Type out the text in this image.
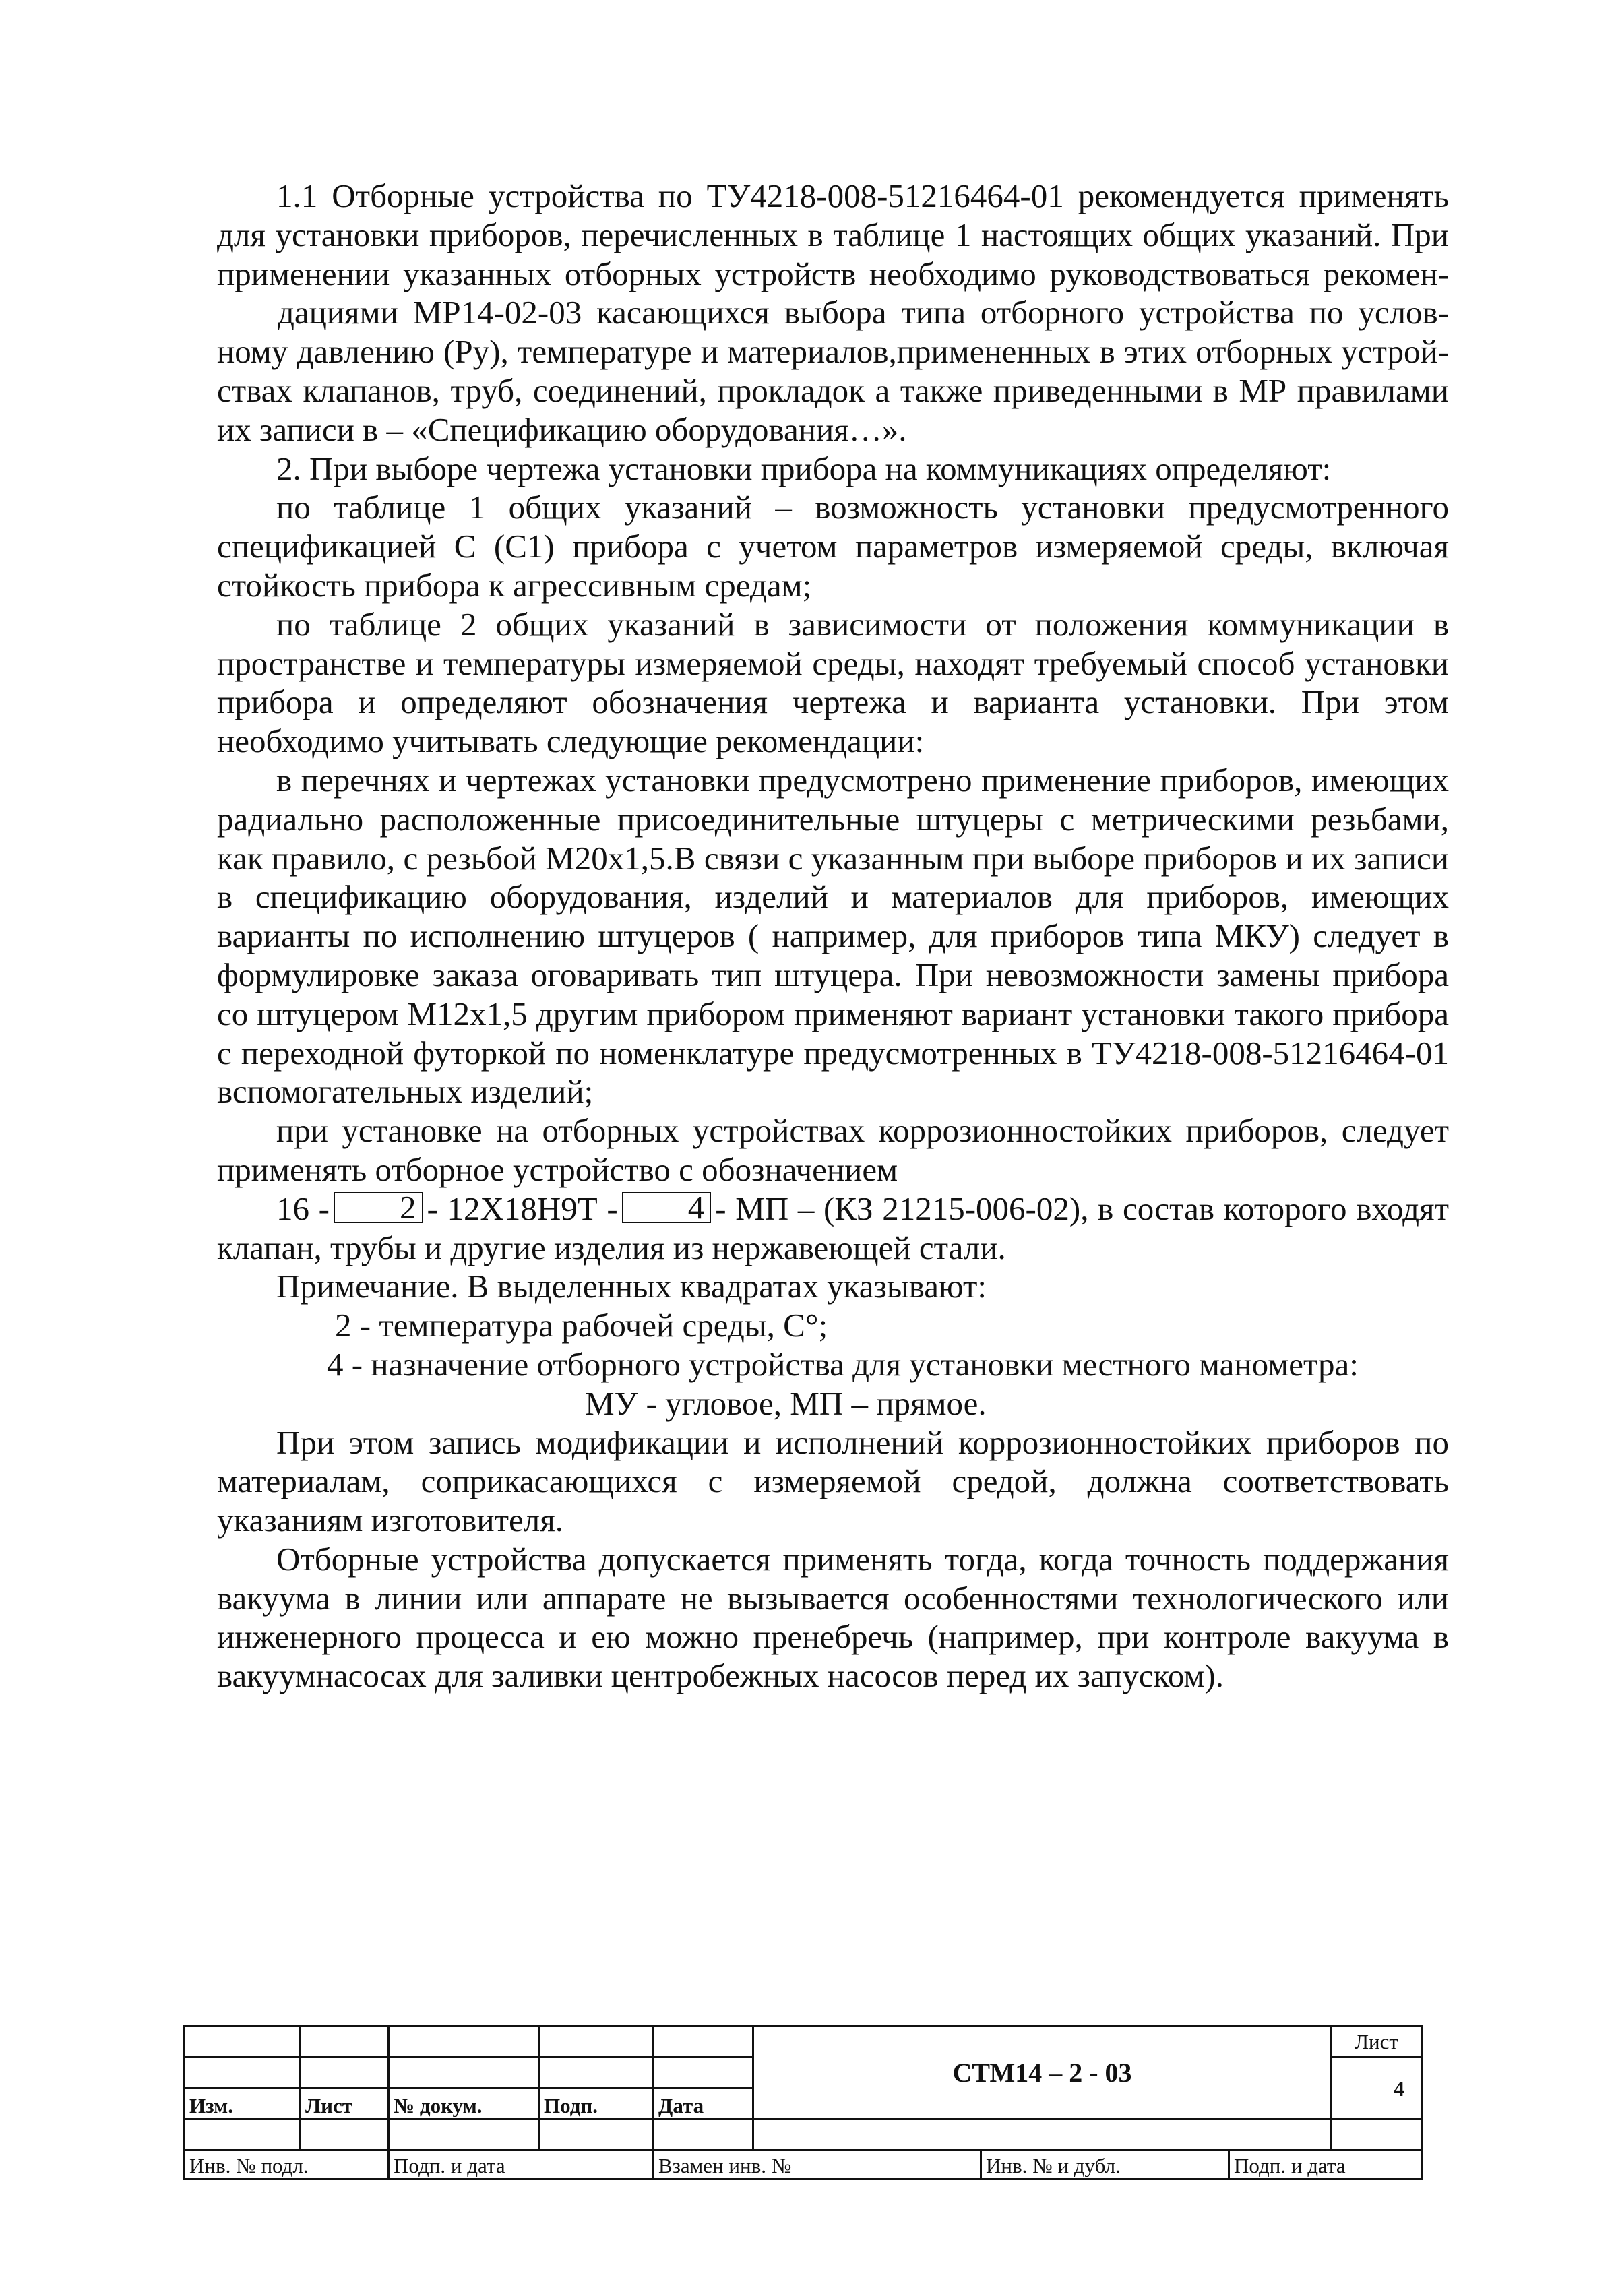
1.1 Отборные устройства по ТУ4218-008-51216464-01 рекомендуется применять

для установки приборов, перечисленных в таблице 1 настоящих общих указаний. При

применении указанных отборных устройств необходимо руководствоваться рекомен-

дациями МР14-02-03 касающихся выбора типа отборного устройства по услов-

ному давлению (Ру), температуре и материалов,примененных в этих отборных устрой-

ствах клапанов, труб, соединений, прокладок а также приведенными в МР правилами

их записи в – «Спецификацию оборудования…».

2. При выборе чертежа установки прибора на коммуникациях определяют:

по таблице 1 общих указаний – возможность установки предусмотренного спецификацией С (С1) прибора с учетом параметров измеряемой среды, включая стойкость прибора к агрессивным средам;

по таблице 2 общих указаний в зависимости от положения коммуникации в пространстве и температуры измеряемой среды, находят требуемый способ установки прибора и определяют обозначения чертежа и варианта установки. При этом необходимо учитывать следующие рекомендации:

в перечнях и чертежах установки предусмотрено применение приборов, имеющих радиально расположенные присоединительные штуцеры с метрическими резьбами, как правило, с резьбой М20х1,5.В связи с указанным при выборе приборов и их записи в спецификацию оборудования, изделий и материалов для приборов, имеющих варианты по исполнению штуцеров ( например, для приборов типа МКУ) следует в формулировке заказа оговаривать тип штуцера. При невозможности замены прибора со штуцером М12х1,5 другим прибором применяют вариант установки такого прибора с переходной футоркой по номенклатуре предусмотренных в ТУ4218-008-51216464-01 вспомогательных изделий;

при установке на отборных устройствах коррозионностойких приборов, следует применять отборное устройство с обозначением

16 - 2 - 12Х18Н9Т - 4 - МП – (КЗ 21215-006-02), в состав которого входят

клапан, трубы и другие изделия из нержавеющей стали.

Примечание. В выделенных квадратах указывают:

2 - температура рабочей среды, С°;

4 - назначение отборного устройства для установки местного манометра:

МУ - угловое, МП – прямое.

При этом запись модификации и исполнений коррозионностойких приборов по материалам, соприкасающихся с измеряемой средой, должна соответствовать указаниям изготовителя.

Отборные устройства допускается применять тогда, когда точность поддержания вакуума в линии или аппарате не вызывается особенностями технологического или инженерного процесса и ею можно пренебречь (например, при контроле вакуума в вакуумнасосах для заливки центробежных насосов перед их запуском).

					СТМ14 – 2 - 03	Лист
						4
Изм.	Лист	№ докум.	Подп.	Дата		

Инв. № подл.	Подп. и дата	Взамен инв. №	Инв. № и дубл.	Подп. и дата
